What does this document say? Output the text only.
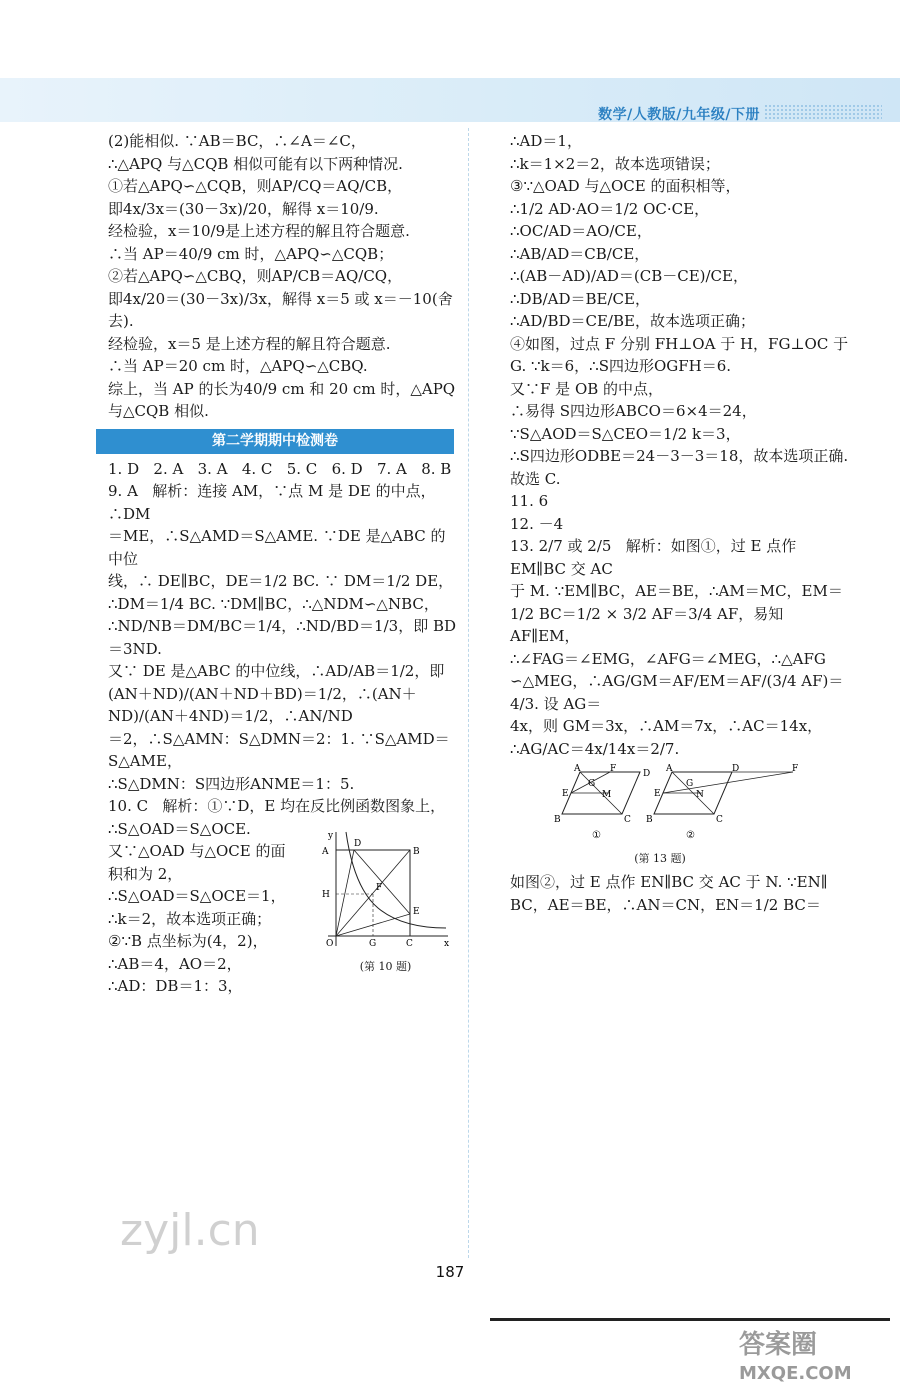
数学/人教版/九年级/下册

(2)能相似. ∵AB＝BC，∴∠A＝∠C，

∴△APQ 与△CQB 相似可能有以下两种情况.

①若△APQ∽△CQB，则AP/CQ＝AQ/CB，

即4x/3x＝(30－3x)/20，解得 x＝10/9.

经检验，x＝10/9是上述方程的解且符合题意.

∴当 AP＝40/9 cm 时，△APQ∽△CQB；

②若△APQ∽△CBQ，则AP/CB＝AQ/CQ，

即4x/20＝(30－3x)/3x，解得 x＝5 或 x＝－10(舍去).

经检验，x＝5 是上述方程的解且符合题意.

∴当 AP＝20 cm 时，△APQ∽△CBQ.

综上，当 AP 的长为40/9 cm 和 20 cm 时，△APQ

与△CQB 相似.

第二学期期中检测卷

1. D   2. A   3. A   4. C   5. C   6. D   7. A   8. B

9. A   解析：连接 AM，∵点 M 是 DE 的中点，∴DM

＝ME，∴S△AMD＝S△AME. ∵DE 是△ABC 的中位

线，∴ DE∥BC，DE＝1/2 BC. ∵ DM＝1/2 DE，

∴DM＝1/4 BC. ∵DM∥BC，∴△NDM∽△NBC，

∴ND/NB＝DM/BC＝1/4，∴ND/BD＝1/3，即 BD＝3ND.

又∵ DE 是△ABC 的中位线，∴AD/AB＝1/2，即

(AN＋ND)/(AN＋ND＋BD)＝1/2，∴(AN＋ND)/(AN＋4ND)＝1/2，∴AN/ND

＝2，∴S△AMN：S△DMN＝2：1. ∵S△AMD＝S△AME，

∴S△DMN：S四边形ANME＝1：5.

10. C   解析：①∵D，E 均在反比例函数图象上，

∴S△OAD＝S△OCE.

又∵△OAD 与△OCE 的面

积和为 2，

∴S△OAD＝S△OCE＝1，

∴k＝2，故本选项正确；

②∵B 点坐标为(4，2)，

∴AB＝4，AO＝2，

∴AD：DB＝1：3，

A
D
B
H
F
E
O	G	C	x
y
(第 10 题)

∴AD＝1，

∴k＝1×2＝2，故本选项错误；

③∵△OAD 与△OCE 的面积相等，

∴1/2 AD·AO＝1/2 OC·CE，

∴OC/AD＝AO/CE，

∴AB/AD＝CB/CE，

∴(AB－AD)/AD＝(CB－CE)/CE，

∴DB/AD＝BE/CE，

∴AD/BD＝CE/BE，故本选项正确；

④如图，过点 F 分别 FH⊥OA 于 H，FG⊥OC 于

G. ∵k＝6，∴S四边形OGFH＝6.

又∵F 是 OB 的中点，

∴易得 S四边形ABCO＝6×4＝24，

∵S△AOD＝S△CEO＝1/2 k＝3，

∴S四边形ODBE＝24－3－3＝18，故本选项正确.

故选 C.

11. 6

12. －4

13. 2/7 或 2/5   解析：如图①，过 E 点作 EM∥BC 交 AC

于 M. ∵EM∥BC，AE＝BE，∴AM＝MC，EM＝

1/2 BC＝1/2 × 3/2 AF＝3/4 AF，易知 AF∥EM，

∴∠FAG＝∠EMG，∠AFG＝∠MEG，∴△AFG

∽△MEG，∴AG/GM＝AF/EM＝AF/(3/4 AF)＝4/3. 设 AG＝

4x，则 GM＝3x，∴AM＝7x，∴AC＝14x，

∴AG/AC＝4x/14x＝2/7.

A	F	D
G
E	M
B	C
A	D	F
G
E	N
B	C
①	②
(第 13 题)

如图②，过 E 点作 EN∥BC 交 AC 于 N. ∵EN∥

BC，AE＝BE，∴AN＝CN，EN＝1/2 BC＝

187
zyjl.cn
答案圈
MXQE.COM
